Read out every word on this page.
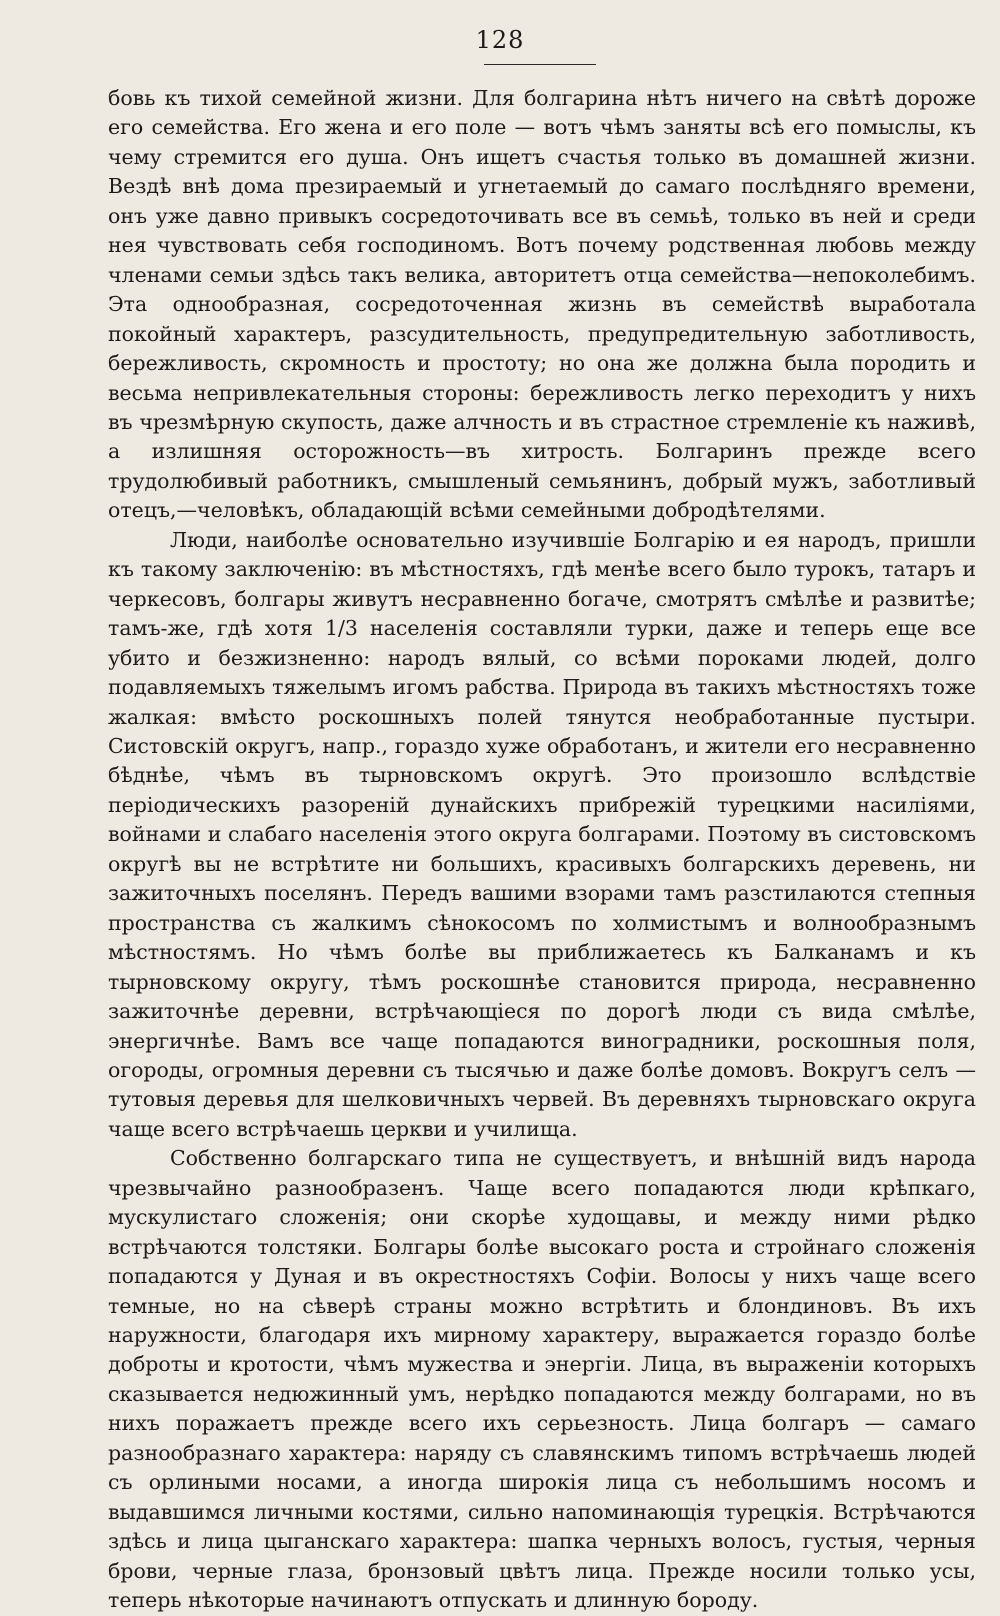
128

бовь къ тихой семейной жизни. Для болгарина нѣтъ ничего на свѣтѣ дороже его семейства. Его жена и его поле — вотъ чѣмъ заняты всѣ его помыслы, къ чему стремится его душа. Онъ ищетъ счастья только въ домашней жизни. Вездѣ внѣ дома презираемый и угнетаемый до самаго послѣдняго времени, онъ уже давно привыкъ сосредоточивать все въ семьѣ, только въ ней и среди нея чувствовать себя господиномъ. Вотъ почему родственная любовь между членами семьи здѣсь такъ велика, авторитетъ отца семейства—непоколебимъ. Эта однообразная, сосредоточенная жизнь въ семействѣ выработала покойный характеръ, разсудительность, предупредительную заботливость, бережливость, скромность и простоту; но она же должна была породить и весьма непривлекательныя стороны: бережливость легко переходитъ у нихъ въ чрезмѣрную скупость, даже алчность и въ страстное стремленіе къ наживѣ, а излишняя осторожность—въ хитрость. Болгаринъ прежде всего трудолюбивый работникъ, смышленый семьянинъ, добрый мужъ, заботливый отецъ,—человѣкъ, обладающій всѣми семейными добродѣтелями.

Люди, наиболѣе основательно изучившіе Болгарію и ея народъ, пришли къ такому заключенію: въ мѣстностяхъ, гдѣ менѣе всего было турокъ, татаръ и черкесовъ, болгары живутъ несравненно богаче, смотрятъ смѣлѣе и развитѣе; тамъ-же, гдѣ хотя 1/3 населенія составляли турки, даже и теперь еще все убито и безжизненно: народъ вялый, со всѣми пороками людей, долго подавляемыхъ тяжелымъ игомъ рабства. Природа въ такихъ мѣстностяхъ тоже жалкая: вмѣсто роскошныхъ полей тянутся необработанные пустыри. Систовскій округъ, напр., гораздо хуже обработанъ, и жители его несравненно бѣднѣе, чѣмъ въ тырновскомъ округѣ. Это произошло вслѣдствіе періодическихъ разореній дунайскихъ прибрежій турецкими насиліями, войнами и слабаго населенія этого округа болгарами. Поэтому въ систовскомъ округѣ вы не встрѣтите ни большихъ, красивыхъ болгарскихъ деревень, ни зажиточныхъ поселянъ. Передъ вашими взорами тамъ разстилаются степныя пространства съ жалкимъ сѣнокосомъ по холмистымъ и волнообразнымъ мѣстностямъ. Но чѣмъ болѣе вы приближаетесь къ Балканамъ и къ тырновскому округу, тѣмъ роскошнѣе становится природа, несравненно зажиточнѣе деревни, встрѣчающіеся по дорогѣ люди съ вида смѣлѣе, энергичнѣе. Вамъ все чаще попадаются виноградники, роскошныя поля, огороды, огромныя деревни съ тысячью и даже болѣе домовъ. Вокругъ селъ — тутовыя деревья для шелковичныхъ червей. Въ деревняхъ тырновскаго округа чаще всего встрѣчаешь церкви и училища.

Собственно болгарскаго типа не существуетъ, и внѣшній видъ народа чрезвычайно разнообразенъ. Чаще всего попадаются люди крѣпкаго, мускулистаго сложенія; они скорѣе худощавы, и между ними рѣдко встрѣчаются толстяки. Болгары болѣе высокаго роста и стройнаго сложенія попадаются у Дуная и въ окрестностяхъ Софіи. Волосы у нихъ чаще всего темные, но на сѣверѣ страны можно встрѣтить и блондиновъ. Въ ихъ наружности, благодаря ихъ мирному характеру, выражается гораздо болѣе доброты и кротости, чѣмъ мужества и энергіи. Лица, въ выраженіи которыхъ сказывается недюжинный умъ, нерѣдко попадаются между болгарами, но въ нихъ поражаетъ прежде всего ихъ серьезность. Лица болгаръ — самаго разнообразнаго характера: наряду съ славянскимъ типомъ встрѣчаешь людей съ орлиными носами, а иногда широкія лица съ небольшимъ носомъ и выдавшимся личными костями, сильно напоминающія турецкія. Встрѣчаются здѣсь и лица цыганскаго характера: шапка черныхъ волосъ, густыя, черныя брови, черные глаза, бронзовый цвѣтъ лица. Прежде носили только усы, теперь нѣкоторые начинаютъ отпускать и длинную бороду.
